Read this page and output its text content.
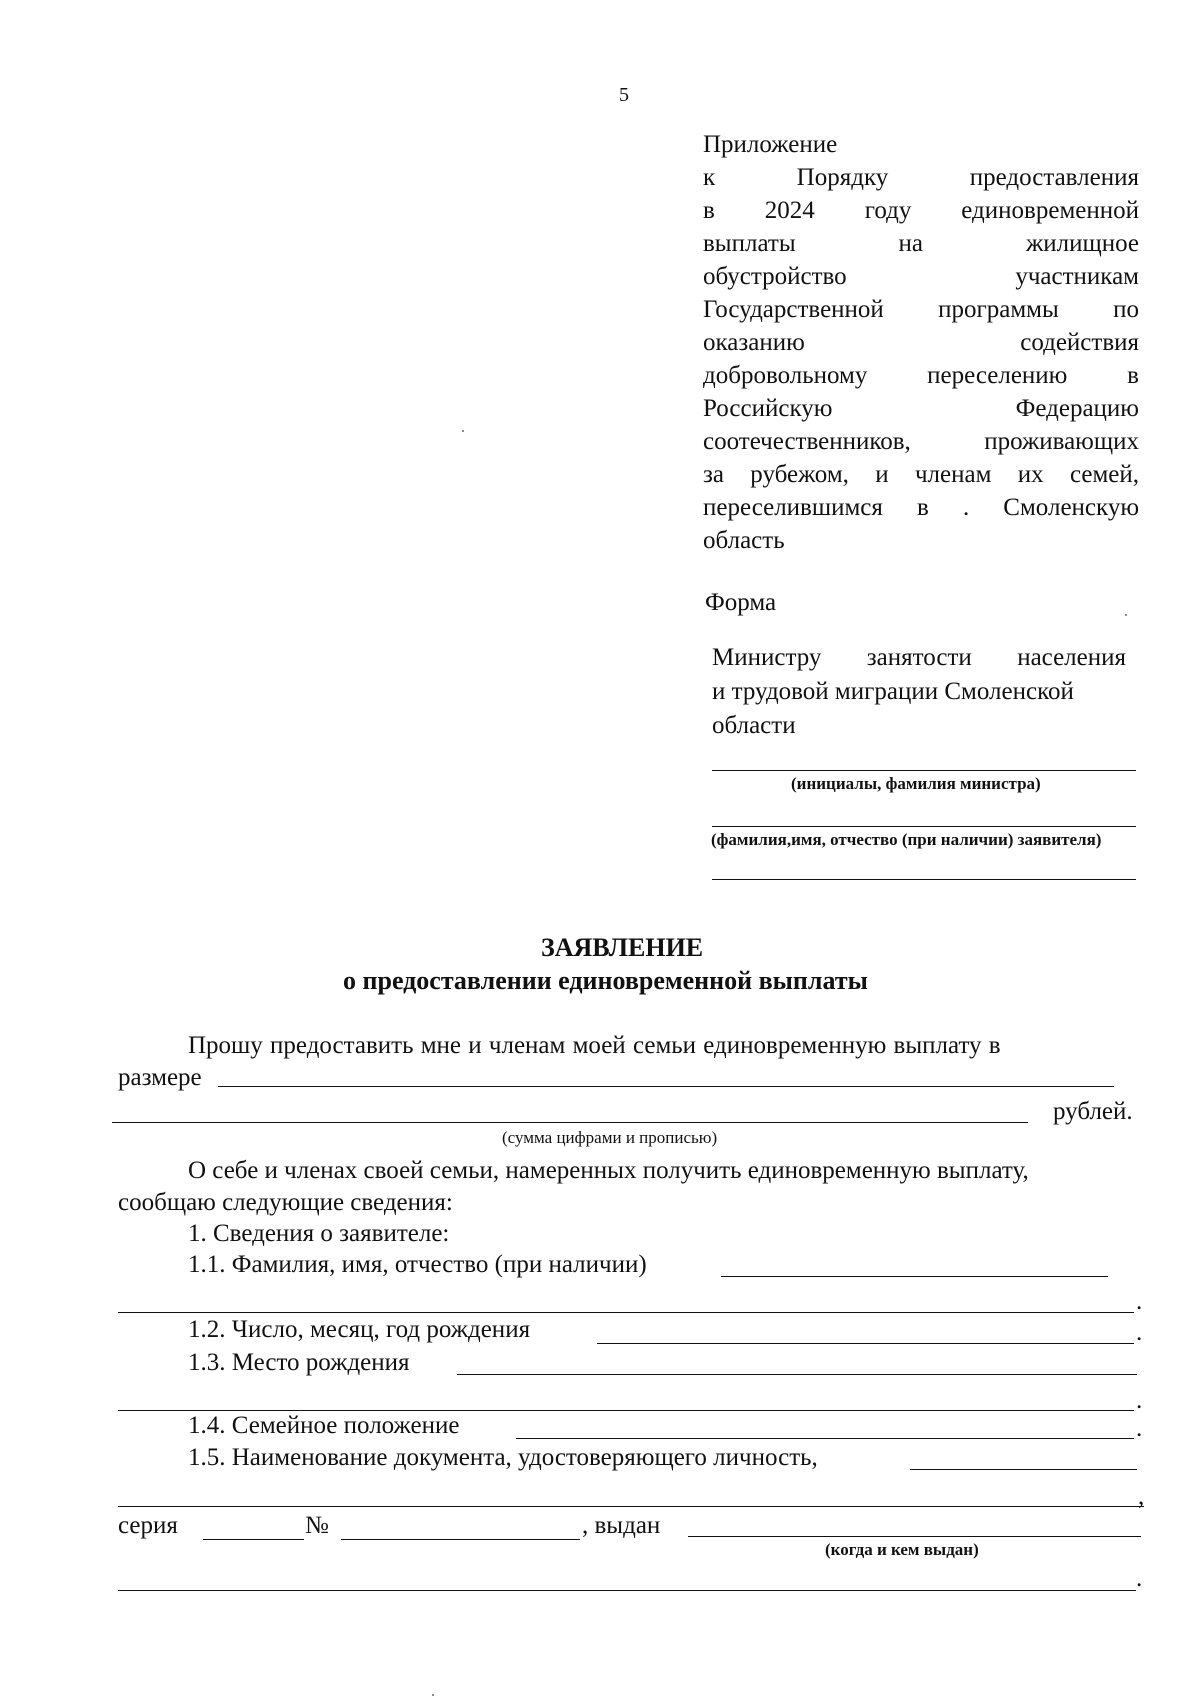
5
Приложение
к Порядку предоставления
в 2024 году единовременной
выплаты на жилищное
обустройство участникам
Государственной программы по
оказанию содействия
добровольному переселению в
Российскую Федерацию
соотечественников, проживающих
за рубежом, и членам их семей,
переселившимся в . Смоленскую
область
Форма
Министру занятости населения
и трудовой миграции Смоленской
области
(инициалы, фамилия министра)
(фамилия,имя, отчество (при наличии) заявителя)
ЗАЯВЛЕНИЕ
о предоставлении единовременной выплаты
Прошу предоставить мне и членам моей семьи единовременную выплату в
размере
рублей.
(сумма цифрами и прописью)
О себе и членах своей семьи, намеренных получить единовременную выплату,
сообщаю следующие сведения:
1. Сведения о заявителе:
1.1. Фамилия, имя, отчество (при наличии)
.
1.2. Число, месяц, год рождения	.
1.3. Место рождения
.
1.4. Семейное положение	.
1.5. Наименование документа, удостоверяющего личность,
,
серия	№	, выдан
(когда и кем выдан)
.
